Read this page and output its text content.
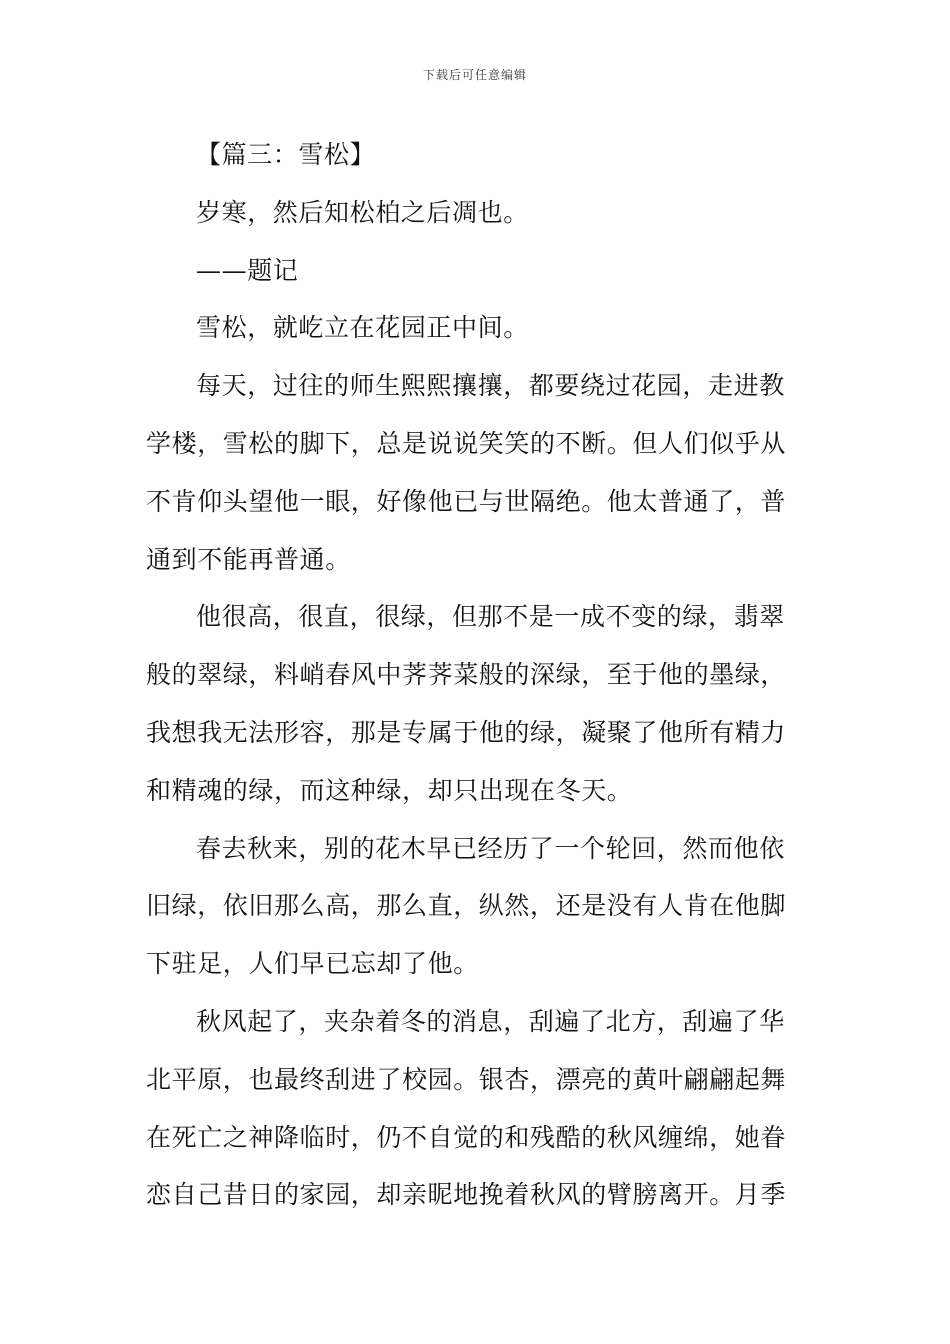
下载后可任意编辑
【篇三：雪松】
岁寒，然后知松柏之后凋也。
——题记
雪松，就屹立在花园正中间。
每天，过往的师生熙熙攘攘，都要绕过花园，走进教
学楼，雪松的脚下，总是说说笑笑的不断。但人们似乎从
不肯仰头望他一眼，好像他已与世隔绝。他太普通了，普
通到不能再普通。
他很高，很直，很绿，但那不是一成不变的绿，翡翠
般的翠绿，料峭春风中荠荠菜般的深绿，至于他的墨绿，
我想我无法形容，那是专属于他的绿，凝聚了他所有精力
和精魂的绿，而这种绿，却只出现在冬天。
春去秋来，别的花木早已经历了一个轮回，然而他依
旧绿，依旧那么高，那么直，纵然，还是没有人肯在他脚
下驻足，人们早已忘却了他。
秋风起了，夹杂着冬的消息，刮遍了北方，刮遍了华
北平原，也最终刮进了校园。银杏，漂亮的黄叶翩翩起舞
在死亡之神降临时，仍不自觉的和残酷的秋风缠绵，她眷
恋自己昔日的家园，却亲昵地挽着秋风的臂膀离开。月季
